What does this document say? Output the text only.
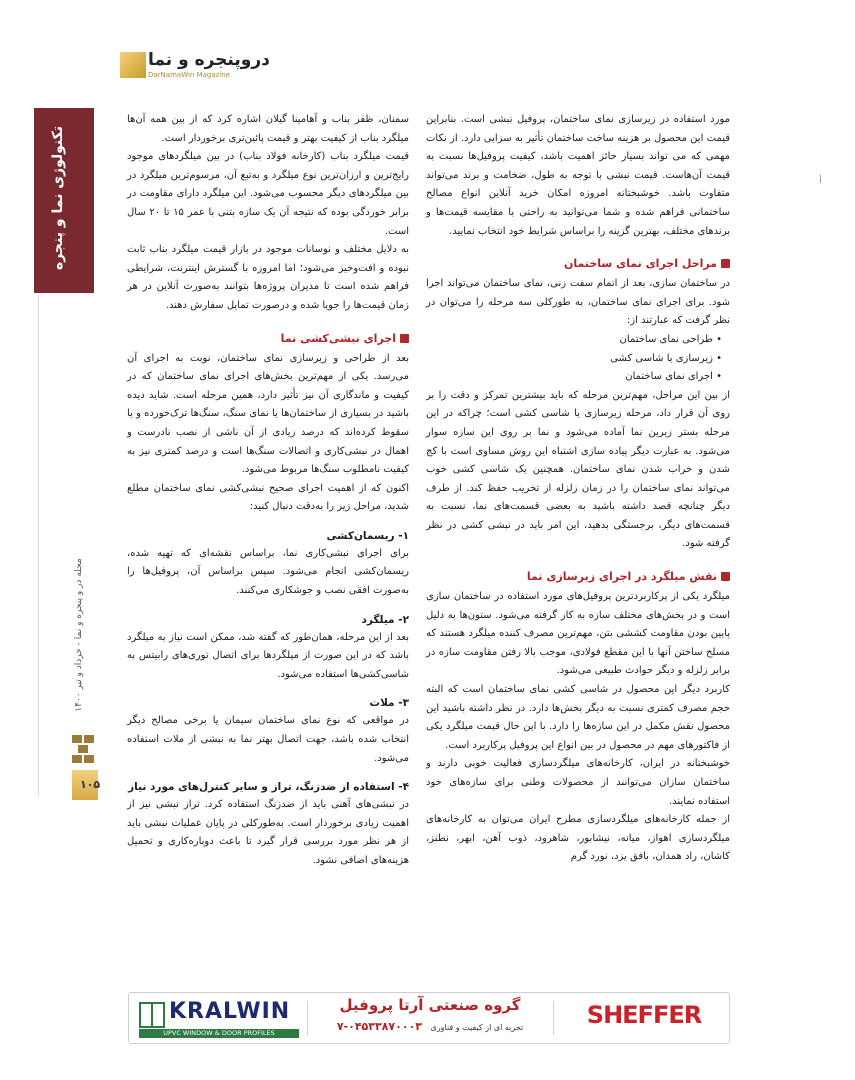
دروپنجره و نما
DarNamaWin Magazine
تکنولوژی نما و پنجره
مجله در و پنجره و نما - خرداد و تیر ۱۴۰۰
۱۰۵

مورد استفاده در زیرسازی نمای ساختمان، پروفیل نبشی است. بنابراین قیمت این محصول بر هزینه ساخت ساختمان تأثیر به سزایی دارد. از نکات مهمی که می تواند بسیار حائز اهمیت باشد، کیفیت پروفیل‌ها نسبت به قیمت آن‌هاست. قیمت نبشی با توجه به طول، ضخامت و برند می‌تواند متفاوت باشد. خوشبختانه امروزه امکان خرید آنلاین انواع مصالح ساختمانی فراهم شده و شما می‌توانید به راحتی با مقایسه قیمت‌ها و برندهای مختلف، بهترین گزینه را براساس شرایط خود انتخاب نمایید.

مراحل اجرای نمای ساختمان

در ساختمان سازی، بعد از اتمام سفت زنی، نمای ساختمان می‌تواند اجرا شود. برای اجرای نمای ساختمان، به طورکلی سه مرحله را می‌توان در نظر گرفت که عبارتند از:

• طراحی نمای ساختمان
• زیرسازی یا شاسی کشی
• اجرای نمای ساختمان

از بین این مراحل، مهم‌ترین مرحله که باید بیشترین تمرکز و دقت را بر روی آن قرار داد، مرحله زیرسازی یا شاسی کشی است؛ چراکه در این مرحله بستر زیرین نما آماده می‌شود و نما بر روی این سازه سوار می‌شود. به عبارت دیگر پیاده سازی اشتباه این روش مساوی است با کج شدن و خراب شدن نمای ساختمان. همچنین یک شاسی کشی خوب می‌تواند نمای ساختمان را در زمان زلزله از تخریب حفظ کند. از طرف دیگر چنانچه قصد داشته باشید به بعضی قسمت‌های نما، نسبت به قسمت‌های دیگر، برجستگی بدهید، این امر باید در نبشی کشی در نظر گرفته شود.

نقش میلگرد در اجرای زیرسازی نما

میلگرد یکی از پرکاربردترین پروفیل‌های مورد استفاده در ساختمان سازی است و در بخش‌های مختلف سازه به کار گرفته می‌شود. ستون‌ها به دلیل پایین بودن مقاومت کششی بتن، مهم‌ترین مصرف کننده میلگرد هستند که مسلح ساختن آنها با این مقطع فولادی، موجب بالا رفتن مقاومت سازه در برابر زلزله و دیگر حوادث طبیعی می‌شود.

کاربرد دیگر این محصول در شاسی کشی نمای ساختمان است که البته حجم مصرف کمتری نسبت به دیگر بخش‌ها دارد. در نظر داشته باشید این محصول نقش مکمل در این سازه‌ها را دارد. با این حال قیمت میلگرد یکی از فاکتورهای مهم در محصول در بین انواع این پروفیل پرکاربرد است.

خوشبختانه در ایران، کارخانه‌های میلگردسازی فعالیت خوبی دارند و ساختمان سازان می‌توانند از محصولات وطنی برای سازه‌های خود استفاده نمایند.

از جمله کارخانه‌های میلگردسازی مطرح ایران می‌توان به کارخانه‌های میلگردسازی اهواز، میانه، نیشابور، شاهرود، ذوب آهن، ابهر، نطنز، کاشان، راد همدان، بافق یزد، نورد گرم

سمنان، ظفر بناب و آهامینا گیلان اشاره کرد که از بین همه آن‌ها میلگرد بناب از کیفیت بهتر و قیمت پائین‌تری برخوردار است.

قیمت میلگرد بناب (کارخانه فولاد بناب) در بین میلگردهای موجود رایج‌ترین و ارزان‌ترین نوع میلگرد و به‌تبع آن، مرسوم‌ترین میلگرد در بین میلگردهای دیگر محسوب می‌شود. این میلگرد دارای مقاومت در برابر خوردگی بوده که نتیجه آن یک سازه بتنی با عمر ۱۵ تا ۲۰ سال است.

به دلایل مختلف و نوسانات موجود در بازار قیمت میلگرد بناب ثابت نبوده و افت‌وخیز می‌شود؛ اما امروزه با گسترش اینترنت، شرایطی فراهم شده است تا مدیران پروژه‌ها بتوانند به‌صورت آنلاین در هر زمان قیمت‌ها را جویا شده و درصورت تمایل سفارش دهند.

اجرای نبشی‌کشی نما

بعد از طراحی و زیرسازی نمای ساختمان، نوبت به اجرای آن می‌رسد. یکی از مهم‌ترین بخش‌های اجرای نمای ساختمان که در کیفیت و ماندگاری آن نیز تأثیر دارد، همین مرحله است. شاید دیده باشید در بسیاری از ساختمان‌ها یا نمای سنگ، سنگ‌ها ترک‌خورده و یا سقوط کرده‌اند که درصد زیادی از آن ناشی از نصب نادرست و اهمال در نبشی‌کاری و اتصالات سنگ‌ها است و درصد کمتری نیز به کیفیت نامطلوب سنگ‌ها مربوط می‌شود.

اکنون که از اهمیت اجرای صحیح نبشی‌کشی نمای ساختمان مطلع شدید، مراحل زیر را به‌دقت دنبال کنید:

۱- ریسمان‌کشی

برای اجرای نبشی‌کاری نما، براساس نقشه‌ای که تهیه شده، ریسمان‌کشی انجام می‌شود. سپس براساس آن، پروفیل‌ها را به‌صورت افقی نصب و جوشکاری می‌کنند.

۲- میلگرد

بعد از این مرحله، همان‌طور که گفته شد، ممکن است نیاز به میلگرد باشد که در این صورت از میلگردها برای اتصال توری‌های رابیتس به شاسی‌کشی‌ها استفاده می‌شود.

۳- ملات

در مواقعی که نوع نمای ساختمان سیمان یا برخی مصالح دیگر انتخاب شده باشد، جهت اتصال بهتر نما به نبشی از ملات استفاده می‌شود.

۴- استفاده از ضدزنگ، تراز و سایر کنترل‌های مورد نیاز

در نبشی‌های آهنی باید از ضدزنگ استفاده کرد. تراز نبشی نیز از اهمیت زیادی برخوردار است. به‌طورکلی در پایان عملیات نبشی باید از هر نظر مورد بررسی قرار گیرد تا باعث دوباره‌کاری و تحمیل هزینه‌های اضافی نشود.

KRALWIN
UPVC WINDOW & DOOR PROFILES
گروه صنعتی آرتا پروفیل
تجربه ای از کیفیت و فناوری ۰۴۵۳۳۸۷۰۰۰۳-۷	SHEFFER
